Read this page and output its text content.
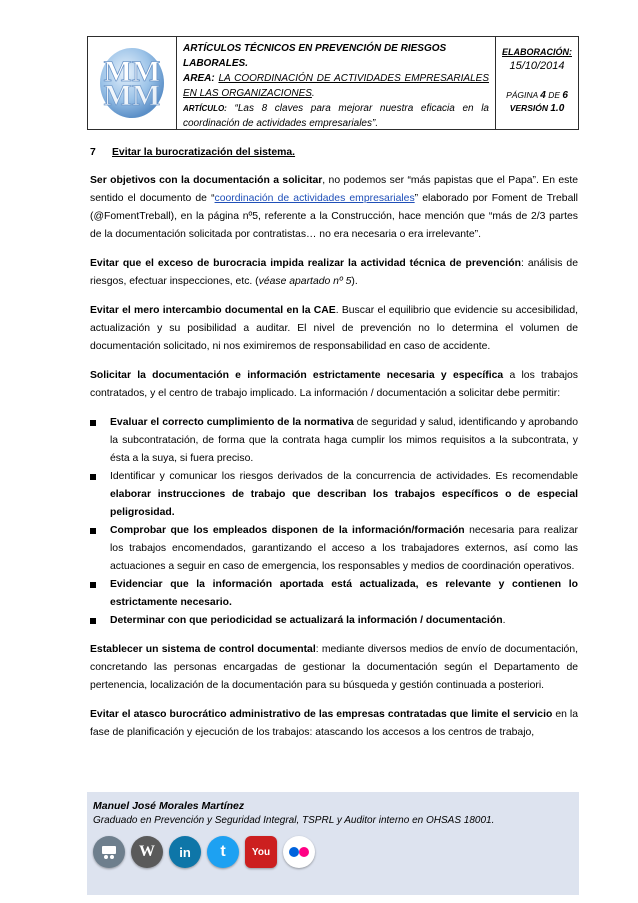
MM
MM
ARTÍCULOS TÉCNICOS EN PREVENCIÓN DE RIESGOS LABORALES.
AREA: LA COORDINACIÓN DE ACTIVIDADES EMPRESARIALES EN LAS ORGANIZACIONES.
ARTÍCULO: “Las 8 claves para mejorar nuestra eficacia en la coordinación de actividades empresariales”.
ELABORACIÓN:
15/10/2014
PÁGINA 4 DE 6
VERSIÓN 1.0
7 Evitar la burocratización del sistema.

Ser objetivos con la documentación a solicitar, no podemos ser “más papistas que el Papa”. En este sentido el documento de “coordinación de actividades empresariales” elaborado por Foment de Treball (@FomentTreball), en la página nº5, referente a la Construcción, hace mención que “más de 2/3 partes de la documentación solicitada por contratistas… no era necesaria o era irrelevante”.

Evitar que el exceso de burocracia impida realizar la actividad técnica de prevención: análisis de riesgos, efectuar inspecciones, etc. (véase apartado nº 5).

Evitar el mero intercambio documental en la CAE. Buscar el equilibrio que evidencie su accesibilidad, actualización y su posibilidad a auditar. El nivel de prevención no lo determina el volumen de documentación solicitado, ni nos eximiremos de responsabilidad en caso de accidente.

Solicitar la documentación e información estrictamente necesaria y específica a los trabajos contratados, y el centro de trabajo implicado. La información / documentación a solicitar debe permitir:

Evaluar el correcto cumplimiento de la normativa de seguridad y salud, identificando y aprobando la subcontratación, de forma que la contrata haga cumplir los mimos requisitos a la subcontrata, y ésta a la suya, si fuera preciso.
Identificar y comunicar los riesgos derivados de la concurrencia de actividades. Es recomendable elaborar instrucciones de trabajo que describan los trabajos específicos o de especial peligrosidad.
Comprobar que los empleados disponen de la información/formación necesaria para realizar los trabajos encomendados, garantizando el acceso a los trabajadores externos, así como las actuaciones a seguir en caso de emergencia, los responsables y medios de coordinación operativos.
Evidenciar que la información aportada está actualizada, es relevante y contienen lo estrictamente necesario.
Determinar con que periodicidad se actualizará la información / documentación.

Establecer un sistema de control documental: mediante diversos medios de envío de documentación, concretando las personas encargadas de gestionar la documentación según el Departamento de pertenencia, localización de la documentación para su búsqueda y gestión continuada a posteriori.

Evitar el atasco burocrático administrativo de las empresas contratadas que limite el servicio en la fase de planificación y ejecución de los trabajos: atascando los accesos a los centros de trabajo,

Manuel José Morales Martínez
Graduado en Prevención y Seguridad Integral, TSPRL y Auditor interno en OHSAS 18001.
W in t	You
